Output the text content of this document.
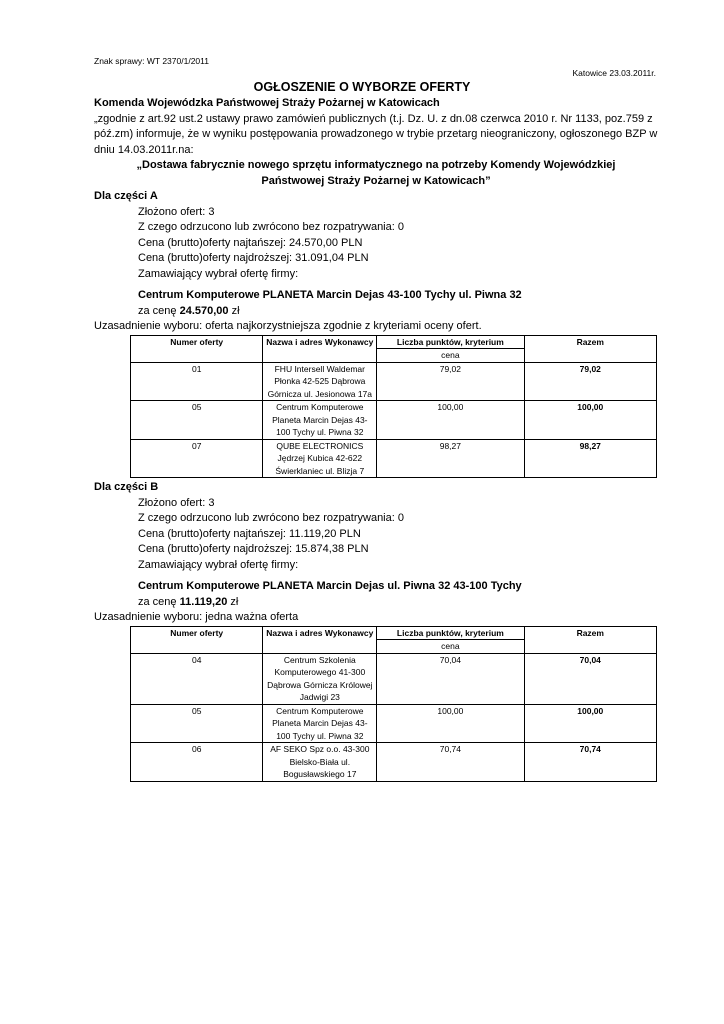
Znak sprawy: WT 2370/1/2011
Katowice 23.03.2011r.
OGŁOSZENIE O WYBORZE OFERTY
Komenda Wojewódzka Państwowej Straży Pożarnej w Katowicach
„zgodnie z art.92 ust.2 ustawy prawo zamówień publicznych (t.j. Dz. U. z dn.08 czerwca 2010 r. Nr 1133, poz.759 z póź.zm) informuje, że w wyniku postępowania prowadzonego w trybie przetarg nieograniczony, ogłoszonego BZP w dniu 14.03.2011r.na:
„Dostawa fabrycznie nowego sprzętu informatycznego na potrzeby Komendy Wojewódzkiej Państwowej Straży Pożarnej w Katowicach”
Dla części A
Złożono ofert: 3
Z czego odrzucono lub zwrócono bez rozpatrywania: 0
Cena (brutto)oferty najtańszej: 24.570,00 PLN
Cena (brutto)oferty najdroższej: 31.091,04 PLN
Zamawiający wybrał ofertę firmy:
Centrum Komputerowe PLANETA Marcin Dejas 43-100 Tychy ul. Piwna 32
za cenę 24.570,00 zł
Uzasadnienie wyboru: oferta najkorzystniejsza zgodnie z kryteriami oceny ofert.
Numer oferty	Nazwa i adres Wykonawcy	Liczba punktów, kryterium	Razem
		cena	
01	FHU Intersell Waldemar Płonka 42-525 Dąbrowa Górnicza ul. Jesionowa 17a	79,02	79,02
05	Centrum Komputerowe Planeta Marcin Dejas 43-100 Tychy ul. Piwna 32	100,00	100,00
07	QUBE ELECTRONICS Jędrzej Kubica 42-622 Świerklaniec ul. Blizja 7	98,27	98,27
Dla części B
Złożono ofert: 3
Z czego odrzucono lub zwrócono bez rozpatrywania: 0
Cena (brutto)oferty najtańszej: 11.119,20 PLN
Cena (brutto)oferty najdroższej: 15.874,38 PLN
Zamawiający wybrał ofertę firmy:
Centrum Komputerowe PLANETA Marcin Dejas ul. Piwna 32 43-100 Tychy
za cenę 11.119,20 zł
Uzasadnienie wyboru: jedna ważna oferta
Numer oferty	Nazwa i adres Wykonawcy	Liczba punktów, kryterium	Razem
		cena	
04	Centrum Szkolenia Komputerowego 41-300 Dąbrowa Górnicza Królowej Jadwigi 23	70,04	70,04
05	Centrum Komputerowe Planeta Marcin Dejas 43-100 Tychy ul. Piwna 32	100,00	100,00
06	AF SEKO Spz o.o. 43-300 Bielsko-Biała ul. Bogusławskiego 17	70,74	70,74
